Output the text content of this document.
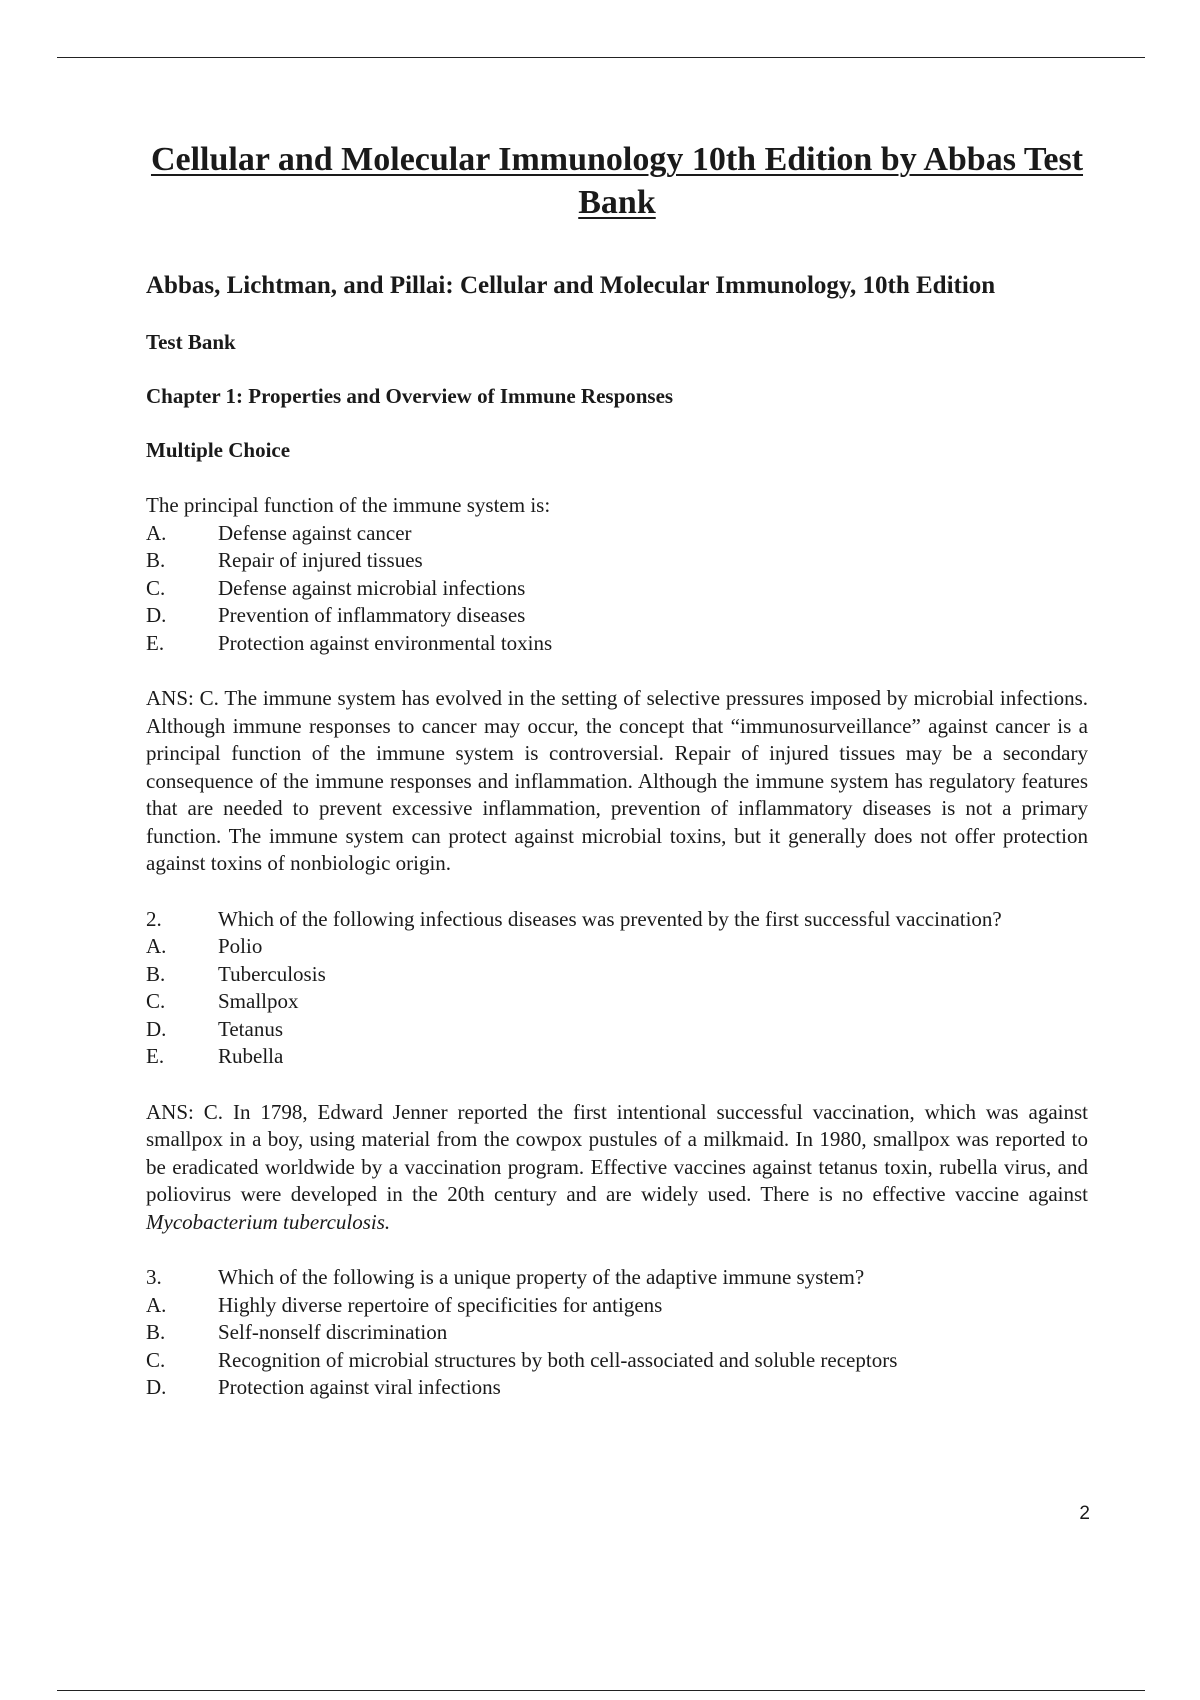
Cellular and Molecular Immunology 10th Edition by Abbas Test Bank

Abbas, Lichtman, and Pillai: Cellular and Molecular Immunology, 10th Edition

Test Bank

Chapter 1: Properties and Overview of Immune Responses

Multiple Choice

The principal function of the immune system is:
A.	Defense against cancer
B.	Repair of injured tissues
C.	Defense against microbial infections
D.	Prevention of inflammatory diseases
E.	Protection against environmental toxins
ANS: C. The immune system has evolved in the setting of selective pressures imposed by microbial infections. Although immune responses to cancer may occur, the concept that “immunosurveillance” against cancer is a principal function of the immune system is controversial. Repair of injured tissues may be a secondary consequence of the immune responses and inflammation. Although the immune system has regulatory features that are needed to prevent excessive inflammation, prevention of inflammatory diseases is not a primary function. The immune system can protect against microbial toxins, but it generally does not offer protection against toxins of nonbiologic origin.
2.	Which of the following infectious diseases was prevented by the first successful vaccination?
A.	Polio
B.	Tuberculosis
C.	Smallpox
D.	Tetanus
E.	Rubella
ANS: C. In 1798, Edward Jenner reported the first intentional successful vaccination, which was against smallpox in a boy, using material from the cowpox pustules of a milkmaid. In 1980, smallpox was reported to be eradicated worldwide by a vaccination program. Effective vaccines against tetanus toxin, rubella virus, and poliovirus were developed in the 20th century and are widely used. There is no effective vaccine against Mycobacterium tuberculosis.
3.	Which of the following is a unique property of the adaptive immune system?
A.	Highly diverse repertoire of specificities for antigens
B.	Self-nonself discrimination
C.	Recognition of microbial structures by both cell-associated and soluble receptors
D.	Protection against viral infections
2
